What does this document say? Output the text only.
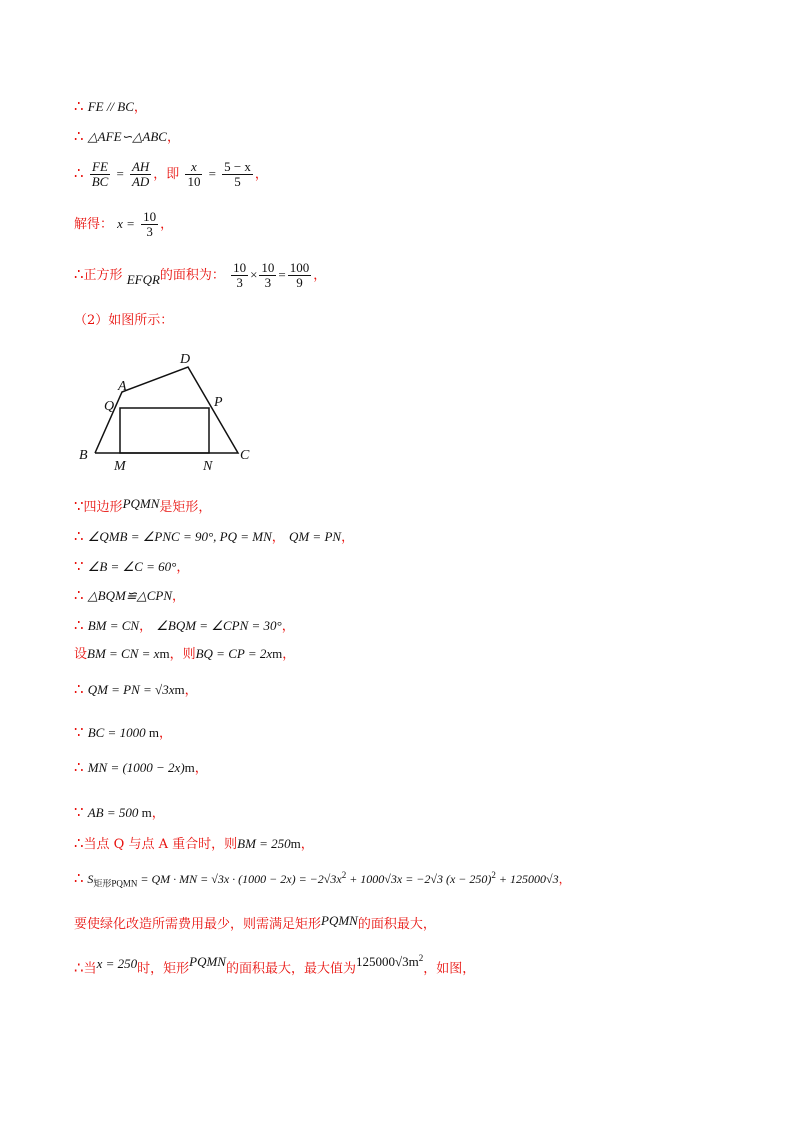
∴ FE // BC，
∴ △AFE∽△ABC，
∴ $\frac{FE}{BC} = \frac{AH}{AD}$ ，即 $\frac{x}{10} = \frac{5 - x}{5}$ ，
解得： $x = \frac{10}{3}$ ，
∴正方形 EFQR的面积为： $\frac{10}{3} \times \frac{10}{3} = \frac{100}{9}$ ，
（2）如图所示：
D
A
Q	P
B	C
M	N
∵四边形PQMN是矩形，
∴ ∠QMB = ∠PNC = 90°, PQ = MN， QM = PN，
∵ ∠B = ∠C = 60°，
∴ △BQM≌△CPN，
∴ BM = CN， ∠BQM = ∠CPN = 30°，
设BM = CN = xm，则BQ = CP = 2xm，
∴ QM = PN = √3xm，
∵ BC = 1000 m，
∴ MN = (1000 − 2x)m，
∵ AB = 500 m，
∴当点 Q 与点 A 重合时，则BM = 250m，
∴ $S_{矩形PQMN}$ = QM · MN = $√3x \cdot (1000 - 2x) = -2√3x^2 + 1000√3x = -2√3$ $(x - 250)^2 + 125000√3$，
要使绿化改造所需费用最少，则需满足矩形PQMN的面积最大，
∴当x = 250时，矩形PQMN的面积最大，最大值为$125000√3m^2$，如图，
